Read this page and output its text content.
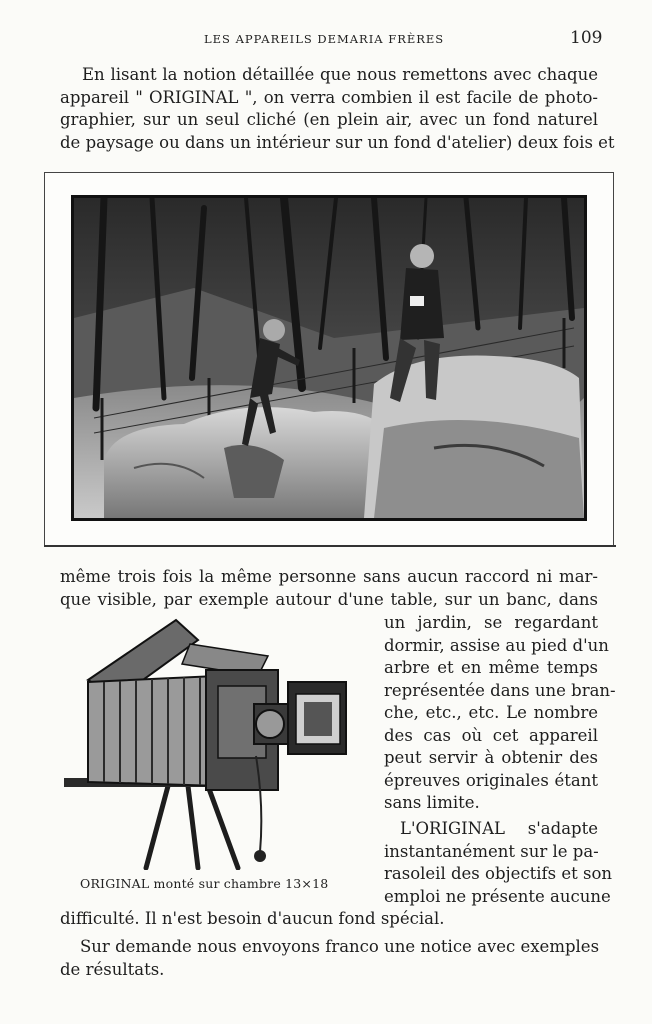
LES APPAREILS DEMARIA FRÈRES	109
En lisant la notion détaillée que nous remettons avec chaque
appareil " ORIGINAL ", on verra combien il est facile de photo-
graphier, sur un seul cliché (en plein air, avec un fond naturel
de paysage ou dans un intérieur sur un fond d'atelier) deux fois et
même trois fois la même personne sans aucun raccord ni mar-
que visible, par exemple autour d'une table, sur un banc, dans
un jardin, se regardant
dormir, assise au pied d'un
arbre et en même temps
représentée dans une bran-
che, etc., etc. Le nombre
des cas où cet appareil
peut servir à obtenir des
épreuves originales étant
sans limite.
L'ORIGINAL s'adapte
instantanément sur le pa-
rasoleil des objectifs et son
emploi ne présente aucune
difficulté. Il n'est besoin d'aucun fond spécial.
Sur demande nous envoyons franco une notice avec exemples
de résultats.
ORIGINAL monté sur chambre 13×18
